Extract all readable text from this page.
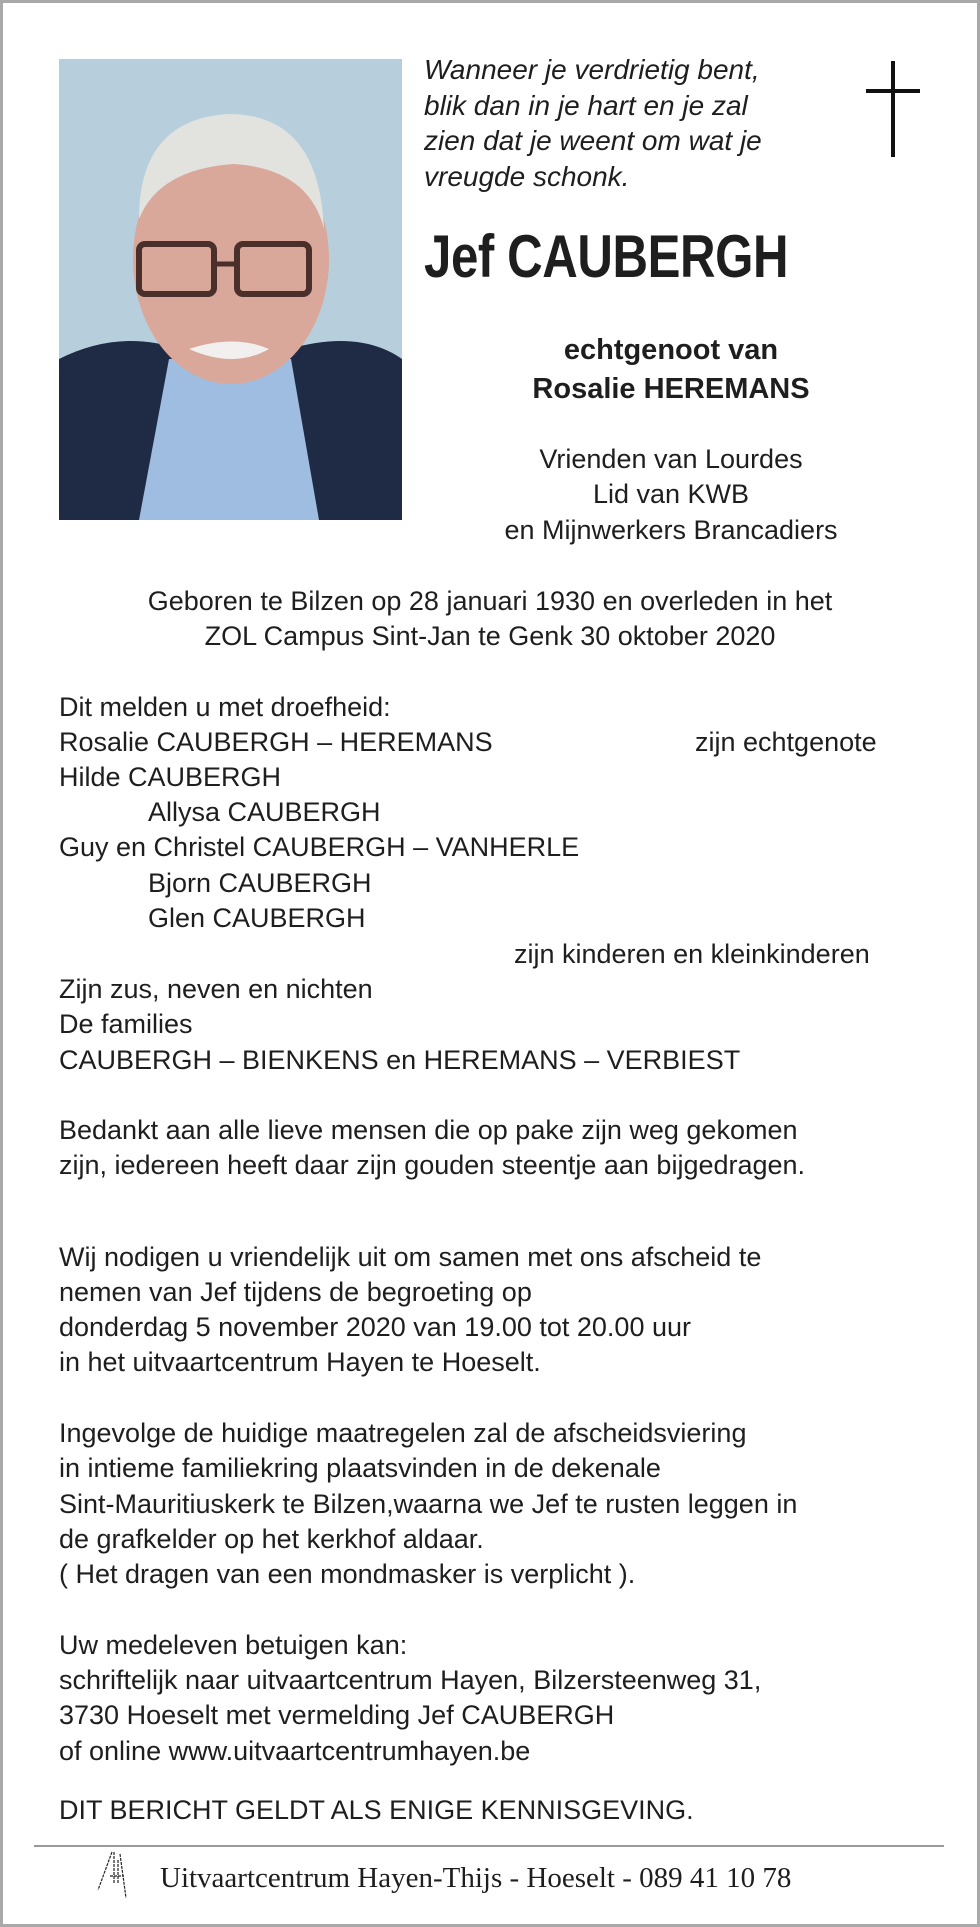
Wanneer je verdrietig bent,
blik dan in je hart en je zal
zien dat je weent om wat je
vreugde schonk.
Jef CAUBERGH
echtgenoot van
Rosalie HEREMANS
Vrienden van Lourdes
Lid van KWB
en Mijnwerkers Brancadiers
Geboren te Bilzen op 28 januari 1930 en overleden in het
ZOL Campus Sint-Jan te Genk 30 oktober 2020
Dit melden u met droefheid:
Rosalie CAUBERGH – HEREMANS	zijn echtgenote
Hilde CAUBERGH
Allysa CAUBERGH
Guy en Christel CAUBERGH – VANHERLE
Bjorn CAUBERGH
Glen CAUBERGH
zijn kinderen en kleinkinderen
Zijn zus, neven en nichten
De families
CAUBERGH – BIENKENS en HEREMANS – VERBIEST
Bedankt aan alle lieve mensen die op pake zijn weg gekomen
zijn, iedereen heeft daar zijn gouden steentje aan bijgedragen.
Wij nodigen u vriendelijk uit om samen met ons afscheid te
nemen van Jef tijdens de begroeting op
donderdag 5 november 2020 van 19.00 tot 20.00 uur
in het uitvaartcentrum Hayen te Hoeselt.
Ingevolge de huidige maatregelen zal de afscheidsviering
in intieme familiekring plaatsvinden in de dekenale
Sint-Mauritiuskerk te Bilzen,waarna we Jef te rusten leggen in
de grafkelder op het kerkhof aldaar.
( Het dragen van een mondmasker is verplicht ).
Uw medeleven betuigen kan:
schriftelijk naar uitvaartcentrum Hayen, Bilzersteenweg 31,
3730 Hoeselt met vermelding Jef CAUBERGH
of online www.uitvaartcentrumhayen.be
DIT BERICHT GELDT ALS ENIGE KENNISGEVING.
Uitvaartcentrum Hayen-Thijs - Hoeselt - 089 41 10 78
